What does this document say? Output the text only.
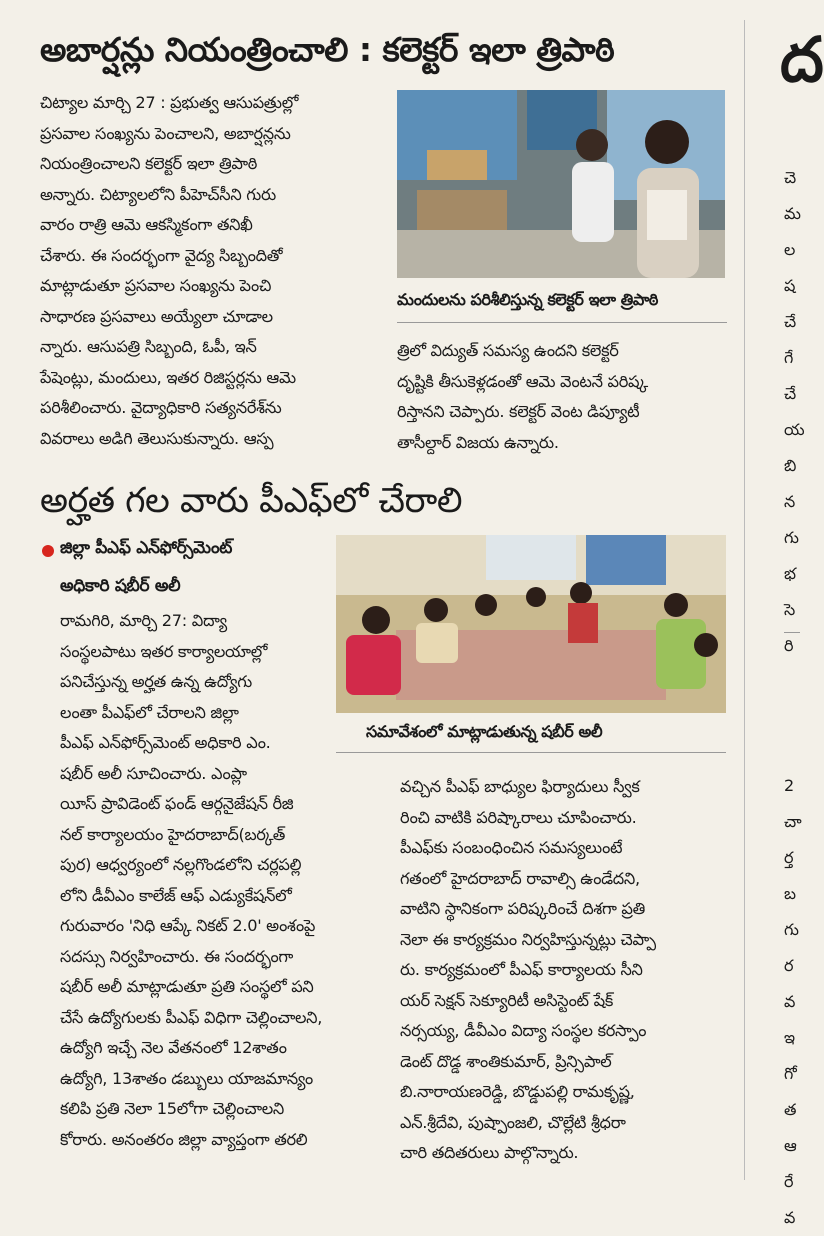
అబార్షన్లు నియంత్రించాలి : కలెక్టర్ ఇలా త్రిపాఠి
చిట్యాల మార్చి 27 : ప్రభుత్వ ఆసుపత్రుల్లో
ప్రసవాల సంఖ్యను పెంచాలని, అబార్షన్లను
నియంత్రించాలని కలెక్టర్ ఇలా త్రిపాఠి
అన్నారు. చిట్యాలలోని పీహెచ్‌సీని గురు
వారం రాత్రి ఆమె ఆకస్మికంగా తనిఖీ
చేశారు. ఈ సందర్భంగా వైద్య సిబ్బందితో
మాట్లాడుతూ ప్రసవాల సంఖ్యను పెంచి
సాధారణ ప్రసవాలు అయ్యేలా చూడాల
న్నారు. ఆసుపత్రి సిబ్బంది, ఓపీ, ఇన్
పేషెంట్లు, మందులు, ఇతర రిజిస్టర్లను ఆమె
పరిశీలించారు. వైద్యాధికారి సత్యనరేశ్‌ను
వివరాలు అడిగి తెలుసుకున్నారు. ఆస్ప
మందులను పరిశీలిస్తున్న కలెక్టర్ ఇలా త్రిపాఠి
త్రిలో విద్యుత్ సమస్య ఉందని కలెక్టర్
దృష్టికి తీసుకెళ్లడంతో ఆమె వెంటనే పరిష్క
రిస్తానని చెప్పారు. కలెక్టర్ వెంట డిప్యూటీ
తాసీల్దార్ విజయ ఉన్నారు.
అర్హత గల వారు పీఎఫ్‌లో చేరాలి
జిల్లా పీఎఫ్ ఎన్‌ఫోర్స్‌మెంట్
అధికారి షబీర్ అలీ
రామగిరి, మార్చి 27: విద్యా
సంస్థలపాటు ఇతర కార్యాలయాల్లో
పనిచేస్తున్న అర్హత ఉన్న ఉద్యోగు
లంతా పీఎఫ్‌లో చేరాలని జిల్లా
పీఎఫ్ ఎన్‌ఫోర్స్‌మెంట్ అధికారి ఎం.
షబీర్ అలీ సూచించారు. ఎంప్లా
యీస్ ప్రావిడెంట్ ఫండ్ ఆర్గనైజేషన్ రీజి
నల్ కార్యాలయం హైదరాబాద్(బర్కత్
పుర) ఆధ్వర్యంలో నల్లగొండలోని చర్లపల్లి
లోని డీవీఎం కాలేజ్ ఆఫ్ ఎడ్యుకేషన్‌లో
గురువారం 'నిధి ఆప్కే నికట్ 2.0' అంశంపై
సదస్సు నిర్వహించారు. ఈ సందర్భంగా
షబీర్ అలీ మాట్లాడుతూ ప్రతి సంస్థలో పని
చేసే ఉద్యోగులకు పీఎఫ్ విధిగా చెల్లించాలని,
ఉద్యోగి ఇచ్చే నెల వేతనంలో 12శాతం
ఉద్యోగి, 13శాతం డబ్బులు యాజమాన్యం
కలిపి ప్రతి నెలా 15లోగా చెల్లించాలని
కోరారు. అనంతరం జిల్లా వ్యాప్తంగా తరలి
సమావేశంలో మాట్లాడుతున్న షబీర్ అలీ
వచ్చిన పీఎఫ్ బాధ్యుల ఫిర్యాదులు స్వీక
రించి వాటికి పరిష్కారాలు చూపించారు.
పీఎఫ్‌కు సంబంధించిన సమస్యలుంటే
గతంలో హైదరాబాద్ రావాల్సి ఉండేదని,
వాటిని స్థానికంగా పరిష్కరించే దిశగా ప్రతి
నెలా ఈ కార్యక్రమం నిర్వహిస్తున్నట్లు చెప్పా
రు. కార్యక్రమంలో పీఎఫ్ కార్యాలయ సీని
యర్ సెక్షన్ సెక్యూరిటీ అసిస్టెంట్ షేక్
నర్సయ్య, డీవీఎం విద్యా సంస్థల కరస్పాం
డెంట్ దొడ్డ శాంతికుమార్, ప్రిన్సిపాల్
బి.నారాయణరెడ్డి, బొడ్డుపల్లి రామకృష్ణ,
ఎన్.శ్రీదేవి, పుష్పాంజలి, చొల్లేటి శ్రీధరా
చారి తదితరులు పాల్గొన్నారు.
ద
చె
మ
ల
ష
చే
గే
చే
య
బి
న
గు
భ
సె
రి
2
చా
ర్త
బ
గు
ర
వ
ఇ
గో
త
ఆ
రే
వ
